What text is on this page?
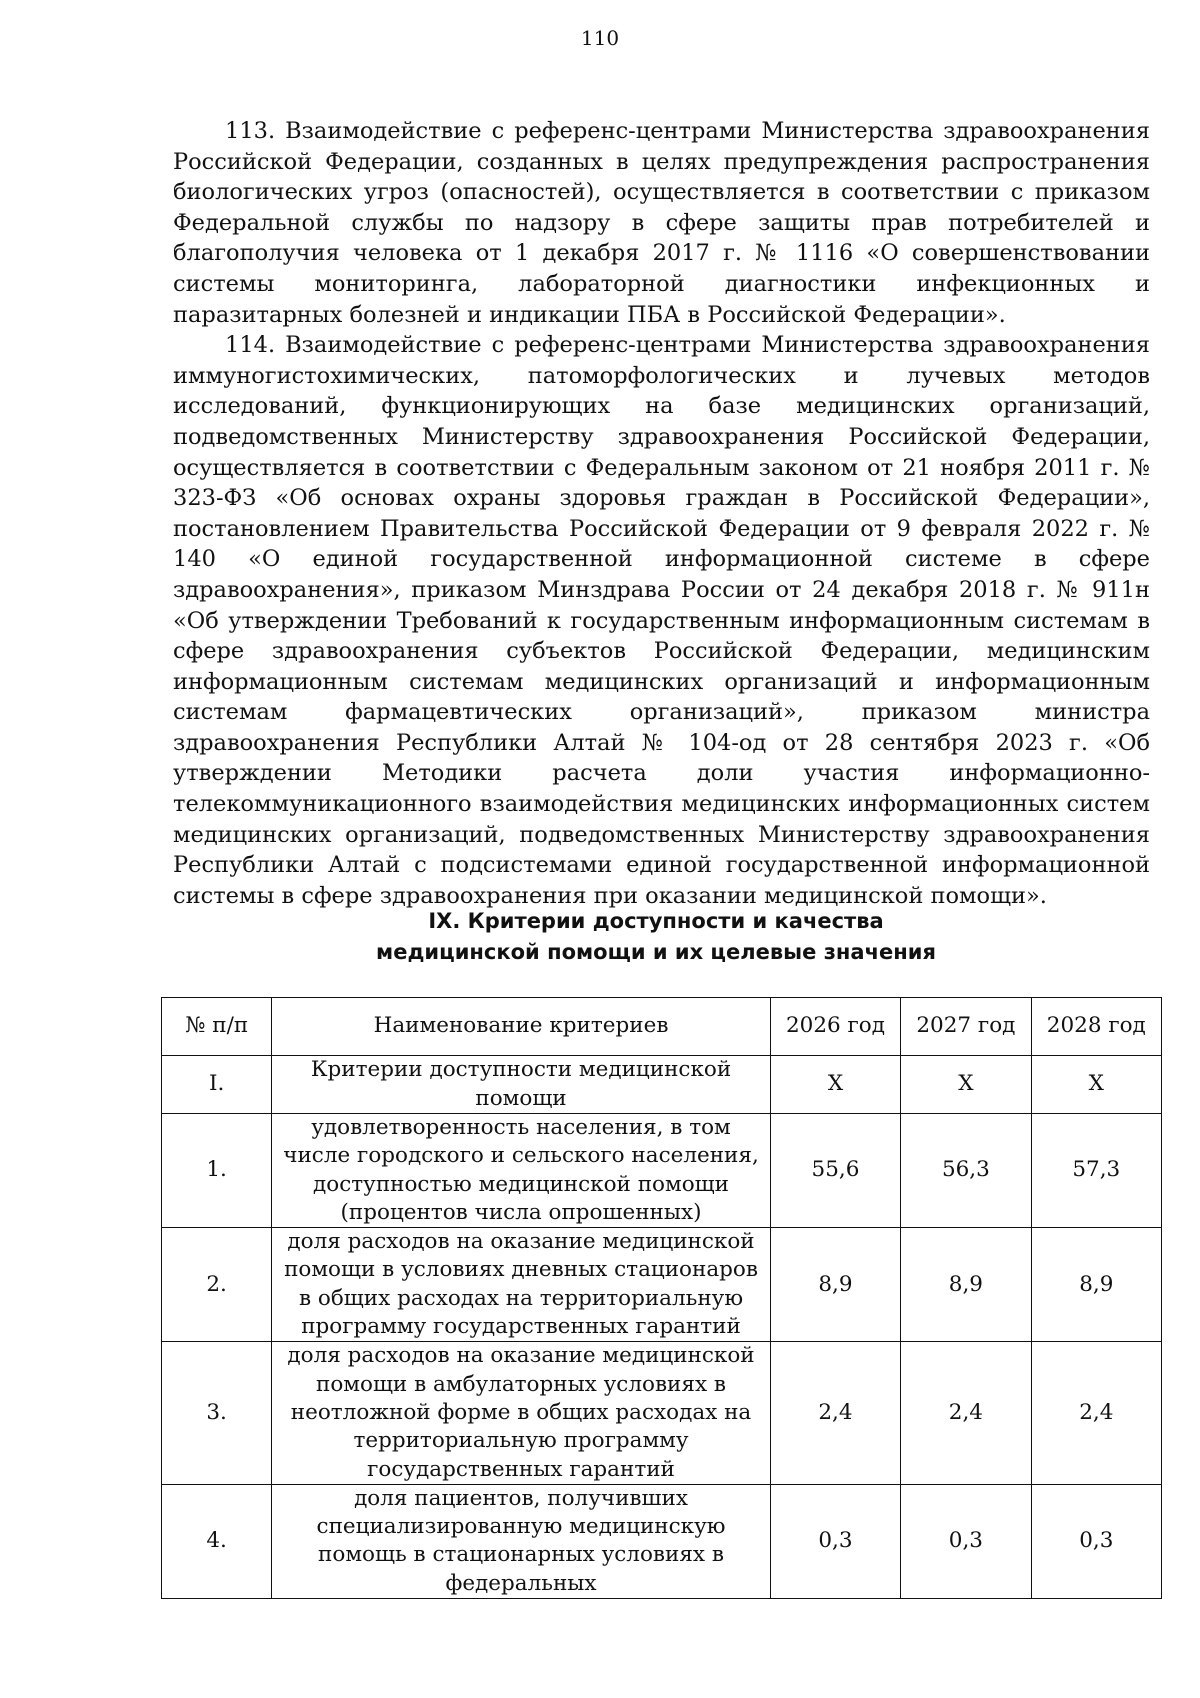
110

113. Взаимодействие с референс-центрами Министерства здравоохранения Российской Федерации, созданных в целях предупреждения распространения биологических угроз (опасностей), осуществляется в соответствии с приказом Федеральной службы по надзору в сфере защиты прав потребителей и благополучия человека от 1 декабря 2017 г. № 1116 «О совершенствовании системы мониторинга, лабораторной диагностики инфекционных и паразитарных болезней и индикации ПБА в Российской Федерации».

114. Взаимодействие с референс-центрами Министерства здравоохранения иммуногистохимических, патоморфологических и лучевых методов исследований, функционирующих на базе медицинских организаций, подведомственных Министерству здравоохранения Российской Федерации, осуществляется в соответствии с Федеральным законом от 21 ноября 2011 г. № 323-ФЗ «Об основах охраны здоровья граждан в Российской Федерации», постановлением Правительства Российской Федерации от 9 февраля 2022 г. № 140 «О единой государственной информационной системе в сфере здравоохранения», приказом Минздрава России от 24 декабря 2018 г. № 911н «Об утверждении Требований к государственным информационным системам в сфере здравоохранения субъектов Российской Федерации, медицинским информационным системам медицинских организаций и информационным системам фармацевтических организаций», приказом министра здравоохранения Республики Алтай № 104-од от 28 сентября 2023 г. «Об утверждении Методики расчета доли участия информационно-телекоммуникационного взаимодействия медицинских информационных систем медицинских организаций, подведомственных Министерству здравоохранения Республики Алтай с подсистемами единой государственной информационной системы в сфере здравоохранения при оказании медицинской помощи».

IX. Критерии доступности и качества
медицинской помощи и их целевые значения
№ п/п	Наименование критериев	2026 год	2027 год	2028 год
I.	Критерии доступности медицинской помощи	Х	Х	Х
1.	удовлетворенность населения, в том числе городского и сельского населения, доступностью медицинской помощи (процентов числа опрошенных)	55,6	56,3	57,3
2.	доля расходов на оказание медицинской помощи в условиях дневных стационаров в общих расходах на территориальную программу государственных гарантий	8,9	8,9	8,9
3.	доля расходов на оказание медицинской помощи в амбулаторных условиях в неотложной форме в общих расходах на территориальную программу государственных гарантий	2,4	2,4	2,4
4.	доля пациентов, получивших специализированную медицинскую помощь в стационарных условиях в федеральных	0,3	0,3	0,3
